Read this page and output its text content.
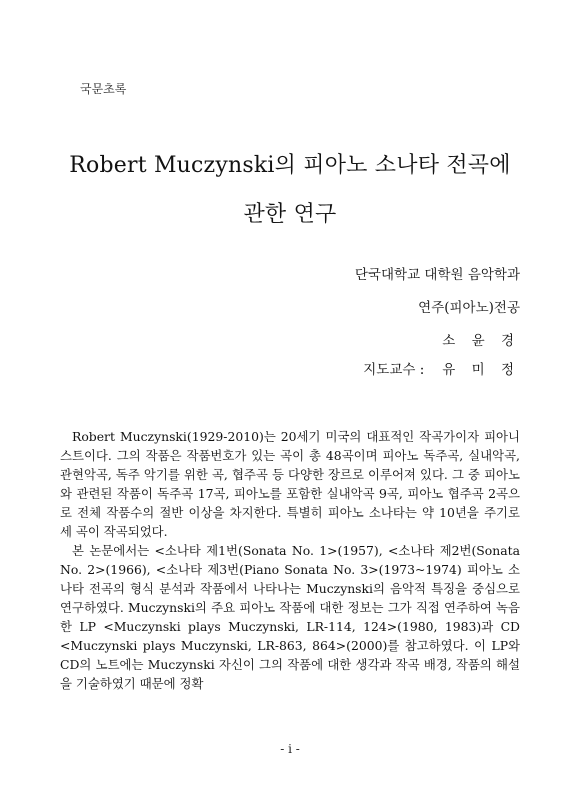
국문초록
Robert Muczynski의 피아노 소나타 전곡에
관한 연구
단국대학교 대학원 음악학과
연주(피아노)전공
소 윤 경
지도교수 : 유 미 정

Robert Muczynski(1929-2010)는 20세기 미국의 대표적인 작곡가이자 피아니스트이다. 그의 작품은 작품번호가 있는 곡이 총 48곡이며 피아노 독주곡, 실내악곡, 관현악곡, 독주 악기를 위한 곡, 협주곡 등 다양한 장르로 이루어져 있다. 그 중 피아노와 관련된 작품이 독주곡 17곡, 피아노를 포함한 실내악곡 9곡, 피아노 협주곡 2곡으로 전체 작품수의 절반 이상을 차지한다. 특별히 피아노 소나타는 약 10년을 주기로 세 곡이 작곡되었다.

본 논문에서는 <소나타 제1번(Sonata No. 1>(1957), <소나타 제2번(Sonata No. 2>(1966), <소나타 제3번(Piano Sonata No. 3>(1973~1974) 피아노 소나타 전곡의 형식 분석과 작품에서 나타나는 Muczynski의 음악적 특징을 중심으로 연구하였다. Muczynski의 주요 피아노 작품에 대한 정보는 그가 직접 연주하여 녹음한 LP <Muczynski plays Muczynski, LR-114, 124>(1980, 1983)과 CD <Muczynski plays Muczynski, LR-863, 864>(2000)를 참고하였다. 이 LP와 CD의 노트에는 Muczynski 자신이 그의 작품에 대한 생각과 작곡 배경, 작품의 해설을 기술하였기 때문에 정확

- i -
